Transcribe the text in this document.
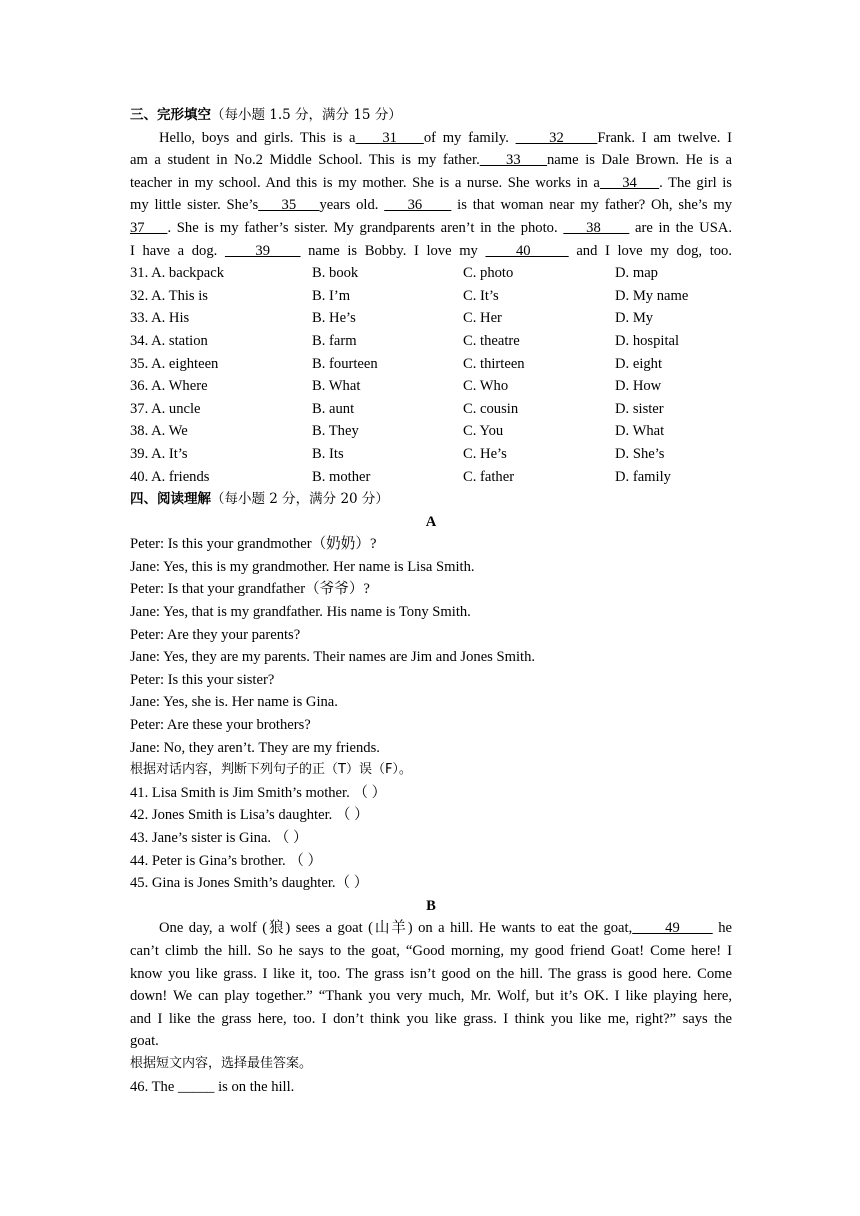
三、完形填空（每小题 1.5 分，满分 15 分）
Hello, boys and girls. This is a    31    of my family.      32     Frank. I am twelve. I
am a student in No.2 Middle School. This is my father.    33    name is Dale Brown. He is a
teacher in my school. And this is my mother. She is a nurse. She works in a    34    . The girl is
my little sister. She’s    35    years old.     36      is that woman near my father? Oh, she’s my
37    . She is my father’s sister. My grandparents aren’t in the photo.     38      are in the USA.
I have a dog.     39     name is Bobby. I love my     40      and I love my dog, too.
31. A. backpack	B. book	C. photo	D. map
32. A. This is	B. I’m	C. It’s	D. My name
33. A. His	B. He’s	C. Her	D. My
34. A. station	B. farm	C. theatre	D. hospital
35. A. eighteen	B. fourteen	C. thirteen	D. eight
36. A. Where	B. What	C. Who	D. How
37. A. uncle	B. aunt	C. cousin	D. sister
38. A. We	B. They	C. You	D. What
39. A. It’s	B. Its	C. He’s	D. She’s
40. A. friends	B. mother	C. father	D. family
四、阅读理解（每小题 2 分，满分 20 分）
A
Peter: Is this your grandmother（奶奶）?
Jane: Yes, this is my grandmother. Her name is Lisa Smith.
Peter: Is that your grandfather（爷爷）?
Jane: Yes, that is my grandfather. His name is Tony Smith.
Peter: Are they your parents?
Jane: Yes, they are my parents. Their names are Jim and Jones Smith.
Peter: Is this your sister?
Jane: Yes, she is. Her name is Gina.
Peter: Are these your brothers?
Jane: No, they aren’t. They are my friends.
根据对话内容，判断下列句子的正（T）误（F）。
41. Lisa Smith is Jim Smith’s mother. （ ）
42. Jones Smith is Lisa’s daughter. （ ）
43. Jane’s sister is Gina. （ ）
44. Peter is Gina’s brother. （ ）
45. Gina is Jones Smith’s daughter.（ ）
B
One day, a wolf (狼) sees a goat (山羊) on a hill. He wants to eat the goat,      49       he
can’t climb the hill. So he says to the goat, “Good morning, my good friend Goat! Come here! I
know you like grass. I like it, too. The grass isn’t good on the hill. The grass is good here. Come
down! We can play together.” “Thank you very much, Mr. Wolf, but it’s OK. I like playing here,
and I like the grass here, too. I don’t think you like grass. I think you like me, right?” says the
goat.
根据短文内容，选择最佳答案。
46. The _____ is on the hill.
